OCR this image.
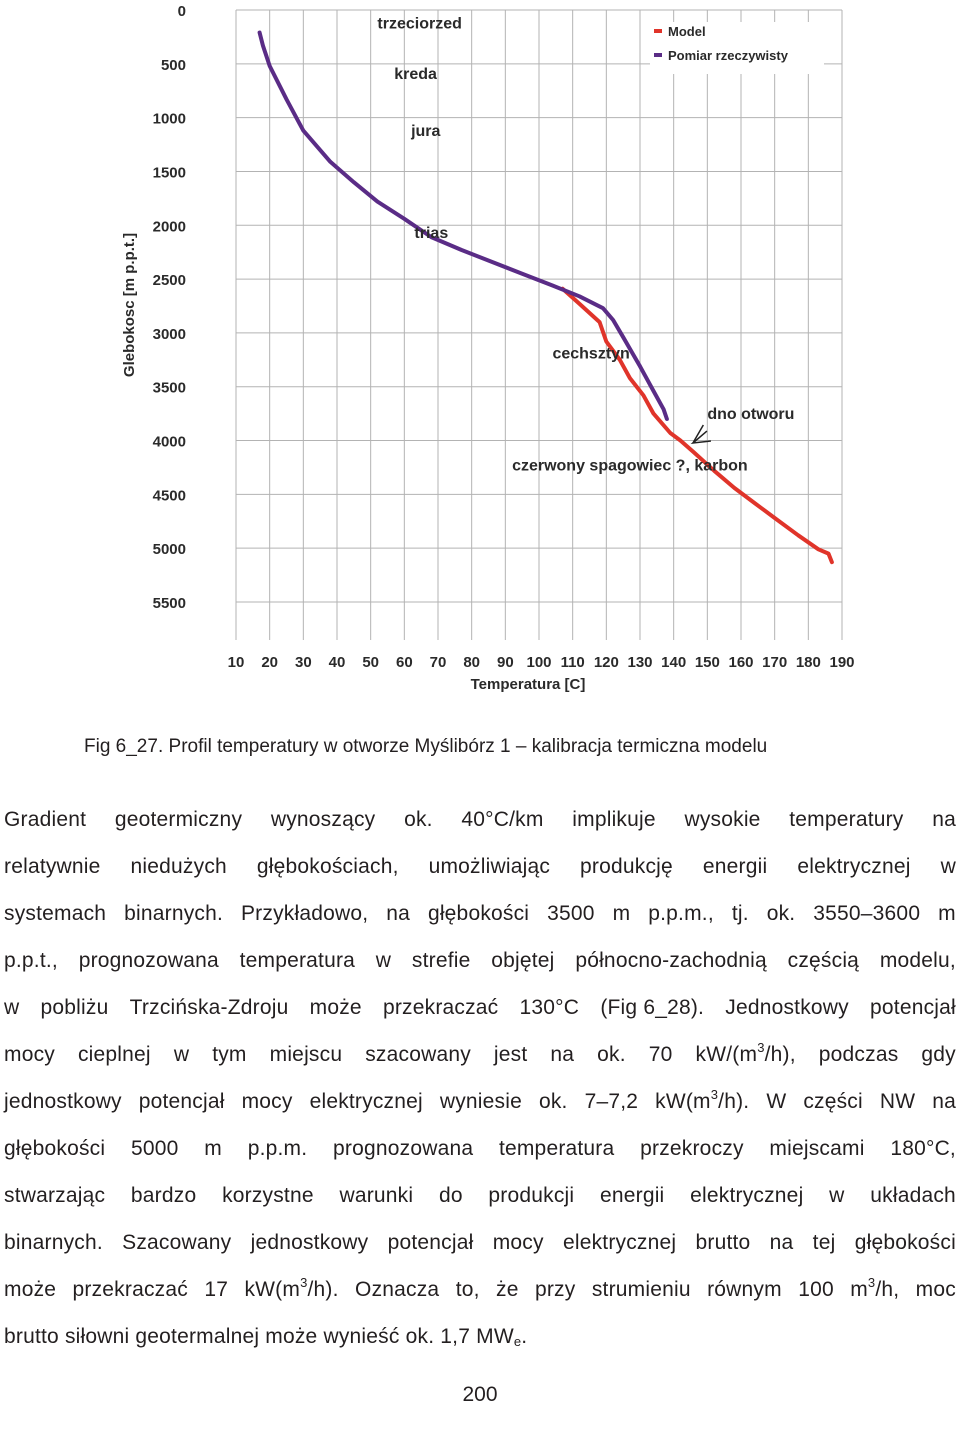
0
500
1000
1500
2000
2500
3000
3500
4000
4500
5000
5500
10 20 30 40 50 60 70 80 90 100 110 120 130 140 150 160 170 180 190
Temperatura [C]
Glebokosc [m p.p.t.]
Model
Pomiar rzeczywisty
trzeciorzed
kreda
jura
trias
cechsztyn
czerwony spagowiec ?, karbon
dno otworu
Fig 6_27. Profil temperatury w otworze Myślibórz 1 – kalibracja termiczna modelu
Gradient geotermiczny wynoszący ok. 40°C/km implikuje wysokie temperatury na
relatywnie niedużych głębokościach, umożliwiając produkcję energii elektrycznej w
systemach binarnych. Przykładowo, na głębokości 3500 m p.p.m., tj. ok. 3550–3600 m
p.p.t., prognozowana temperatura w strefie objętej północno-zachodnią częścią modelu,
w pobliżu Trzcińska-Zdroju może przekraczać 130°C (Fig 6_28). Jednostkowy potencjał
mocy cieplnej w tym miejscu szacowany jest na ok. 70 $kW/(m^3/h)$, podczas gdy
jednostkowy potencjał mocy elektrycznej wyniesie ok. 7–7,2 $kW(m^3/h)$. W części NW na
głębokości 5000 m p.p.m. prognozowana temperatura przekroczy miejscami 180°C,
stwarzając bardzo korzystne warunki do produkcji energii elektrycznej w układach
binarnych. Szacowany jednostkowy potencjał mocy elektrycznej brutto na tej głębokości
może przekraczać 17 $kW(m^3/h)$. Oznacza to, że przy strumieniu równym 100 $m^3/h$, moc
brutto
siłowni
geotermalnej
może
wynieść
ok.
1,7
$MW_e$.
200
